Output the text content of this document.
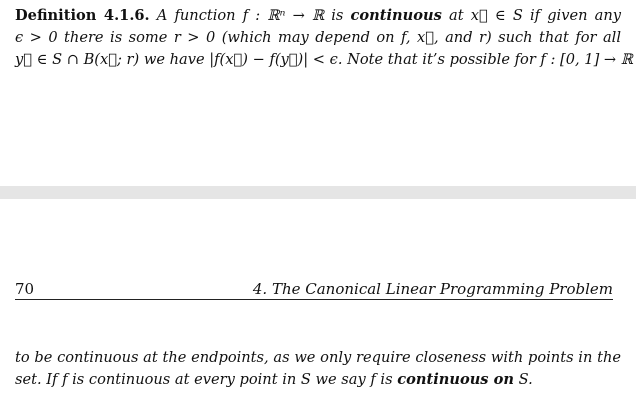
Definition 4.1.6. A function f : ℝⁿ → ℝ is continuous at x⃗ ∈ S if given any
ϵ > 0 there is some r > 0 (which may depend on f, x⃗, and r) such that for all
y⃗ ∈ S ∩ B(x⃗; r) we have |f(x⃗) − f(y⃗)| < ϵ. Note that it’s possible for f : [0, 1] → ℝ
70	4. The Canonical Linear Programming Problem
to be continuous at the endpoints, as we only require closeness with points in the
set. If f is continuous at every point in S we say f is continuous on S.
